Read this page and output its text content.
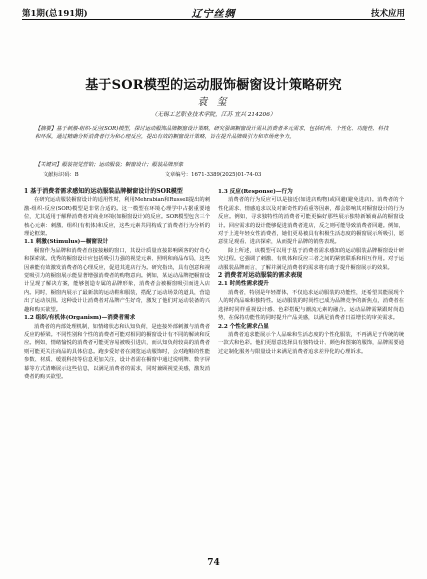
第1期(总191期)	辽宁丝绸	技术应用
基于SOR模型的运动服饰橱窗设计策略研究
袁 玺
（无锡工艺职业技术学院，江苏 宜兴 214206）
【摘要】基于刺激-组织-反应(SOR)模型，探讨运动服饰品牌橱窗设计策略。研究强调橱窗设计需从消费者多元需求，包括时尚、个性化、功能性、科技和环保。通过精确分析消费者行为和心理反应，提出有效的橱窗设计策略，旨在提升品牌吸引力和市场竞争力。
【关键词】服装视觉营销；运动服装；橱窗设计；服装品牌形象
文献标识码：B	文章编号：1671-3389(2025)01-74-03

1 基于消费者需求感知的运动服装品牌橱窗设计的SOR模型

在研究运动服装橱窗设计的适用性时，利用Mehrabian和Russell提出的刺激-组织-反应(SOR)模型是非常合适的。这一模型在环境心理学中占据重要地位，尤其适用于解释消费者对商业环境(如橱窗设计)的反应。SOR模型包含三个核心元素：刺激、组织(有机体)和反应，这些元素共同构成了消费者行为分析的理论框架。

1.1 刺激(Stimulus)—橱窗设计

橱窗作为品牌和消费者直接接触的窗口，其设计质量直接影响顾客的好奇心和探索欲。优秀的橱窗设计应包括吸引力强的视觉元素、照明和商品布局，这些因素能有效激发消费者的心理反应，促进其进店行为。研究指出，具有创意和视觉吸引力的橱窗展示能显著增强消费者的购物意向。例如，某运动品牌把橱窗设计呈现了解决方案，能够创造专属的品牌形象，消费者会被橱窗吸引而进入店内。同时，橱窗内展示了最新款的运动鞋和服装，搭配了运动场景的道具，营造出了运动氛围。这种设计让消费者对品牌产生好奇，激发了他们对运动装备的兴趣和购买欲望。

1.2 组织/有机体(Organism)—消费者需求

消费者的内部处理机制，如情绪状态和认知负荷，是连接外部刺激与消费者反应的桥梁。不同性别和个性的消费者可能对相同的橱窗设计有不同的解读和反应。例如，情绪愉悦的消费者可能更容易被吸引进店，而认知负荷较高的消费者则可能更关注商品的具体信息。跑步爱好者在浏览运动服饰时，会对跑鞋的性能参数、材质、缓震科技等信息更加关注，设计者需在橱窗中通过说明牌、数字屏幕等方式清晰展示这些信息，以满足消费者的需求，同时兼顾视觉美感，激发消费者的购买欲望。

1.3 反应(Response)—行为

消费者的行为反应可以是接近(如进店购物)或回避(避免进店)。消费者的个性化需求、情感追求以及对新奇性的看重等因素，都会影响其对橱窗设计的行为反应。例如，寻求独特性的消费者可能更偏好那些展示独特新颖商品的橱窗设计。回应需求的设计能够促进消费者进店，反之则可能导致消费者回避。例如，对于上进年轻女性消费者，她们更易被具有积极生活态度的橱窗展示所吸引，愿意驻足观看、进店探索，从而提升品牌的销售表现。

除上所述，该模型可以用于基于消费者需求感知的运动服装品牌橱窗设计研究过程。它强调了刺激、有机体和反应三者之间的紧密联系和相互作用。对于运动服装品牌而言，了解并满足消费者的需求将有助于提升橱窗展示的效果。

2 消费者对运动服装的需求表现

2.1 时尚性需求提升

消费者，特别是年轻群体，不仅追求运动服装的功能性，还希望其能展现个人的时尚品味和独特性。运动服装的时尚性已成为品牌竞争的新焦点，消费者在选择时同样重视设计感、色彩搭配与潮流元素的融合。运动品牌需紧跟时尚趋势，在保持功能性的同时提升产品美感，以满足消费者日益增长的审美需求。

2.2 个性化需求凸显

消费者追求能展示个人品味和生活态度的个性化服装，不再满足于传统的统一款式和色彩。他们更愿意选择具有独特设计、颜色和图案的服饰，品牌需要通过定制化服务与限量设计来满足消费者追求差异化的心理诉求。

74
